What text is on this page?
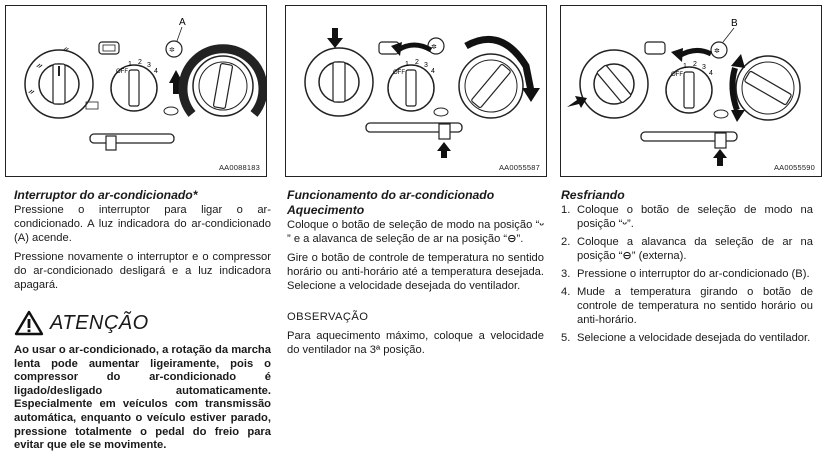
ᨀ
ᨀ
ᨀ
✲
A
OFF
1 2 3
4
AA0088183
✲
OFF
1 2 3
4
AA0055587
✲
B
OFF
1 2 3
4
AA0055590

Interruptor do ar-condicionado*

Pressione o interruptor para ligar o ar-condicionado. A luz indicadora do ar-condicionado (A) acende.

Pressione novamente o interruptor e o compressor do ar-condicionado desligará e a luz indicadora apagará.

ATENÇÃO

Ao usar o ar-condicionado, a rotação da marcha lenta pode aumentar ligeiramente, pois o compressor do ar-condicionado é ligado/desligado automaticamente. Especialmente em veículos com transmissão automática, enquanto o veículo estiver parado, pressione totalmente o pedal do freio para evitar que ele se movimente.

Funcionamento do ar-condicionado

Aquecimento

Coloque o botão de seleção de modo na posição “ᵕ” e a alavanca de seleção de ar na posição “⊖”.

Gire o botão de controle de temperatura no sentido horário ou anti-horário até a temperatura desejada. Selecione a velocidade desejada do ventilador.

OBSERVAÇÃO

Para aquecimento máximo, coloque a velocidade do ventilador na 3ª posição.

Resfriando

1. Coloque o botão de seleção de modo na posição “ᵕ”.
2. Coloque a alavanca da seleção de ar na posição “⊖” (externa).
3. Pressione o interruptor do ar-condicionado (B).
4. Mude a temperatura girando o botão de controle de temperatura no sentido horário ou anti-horário.
5. Selecione a velocidade desejada do ventilador.
